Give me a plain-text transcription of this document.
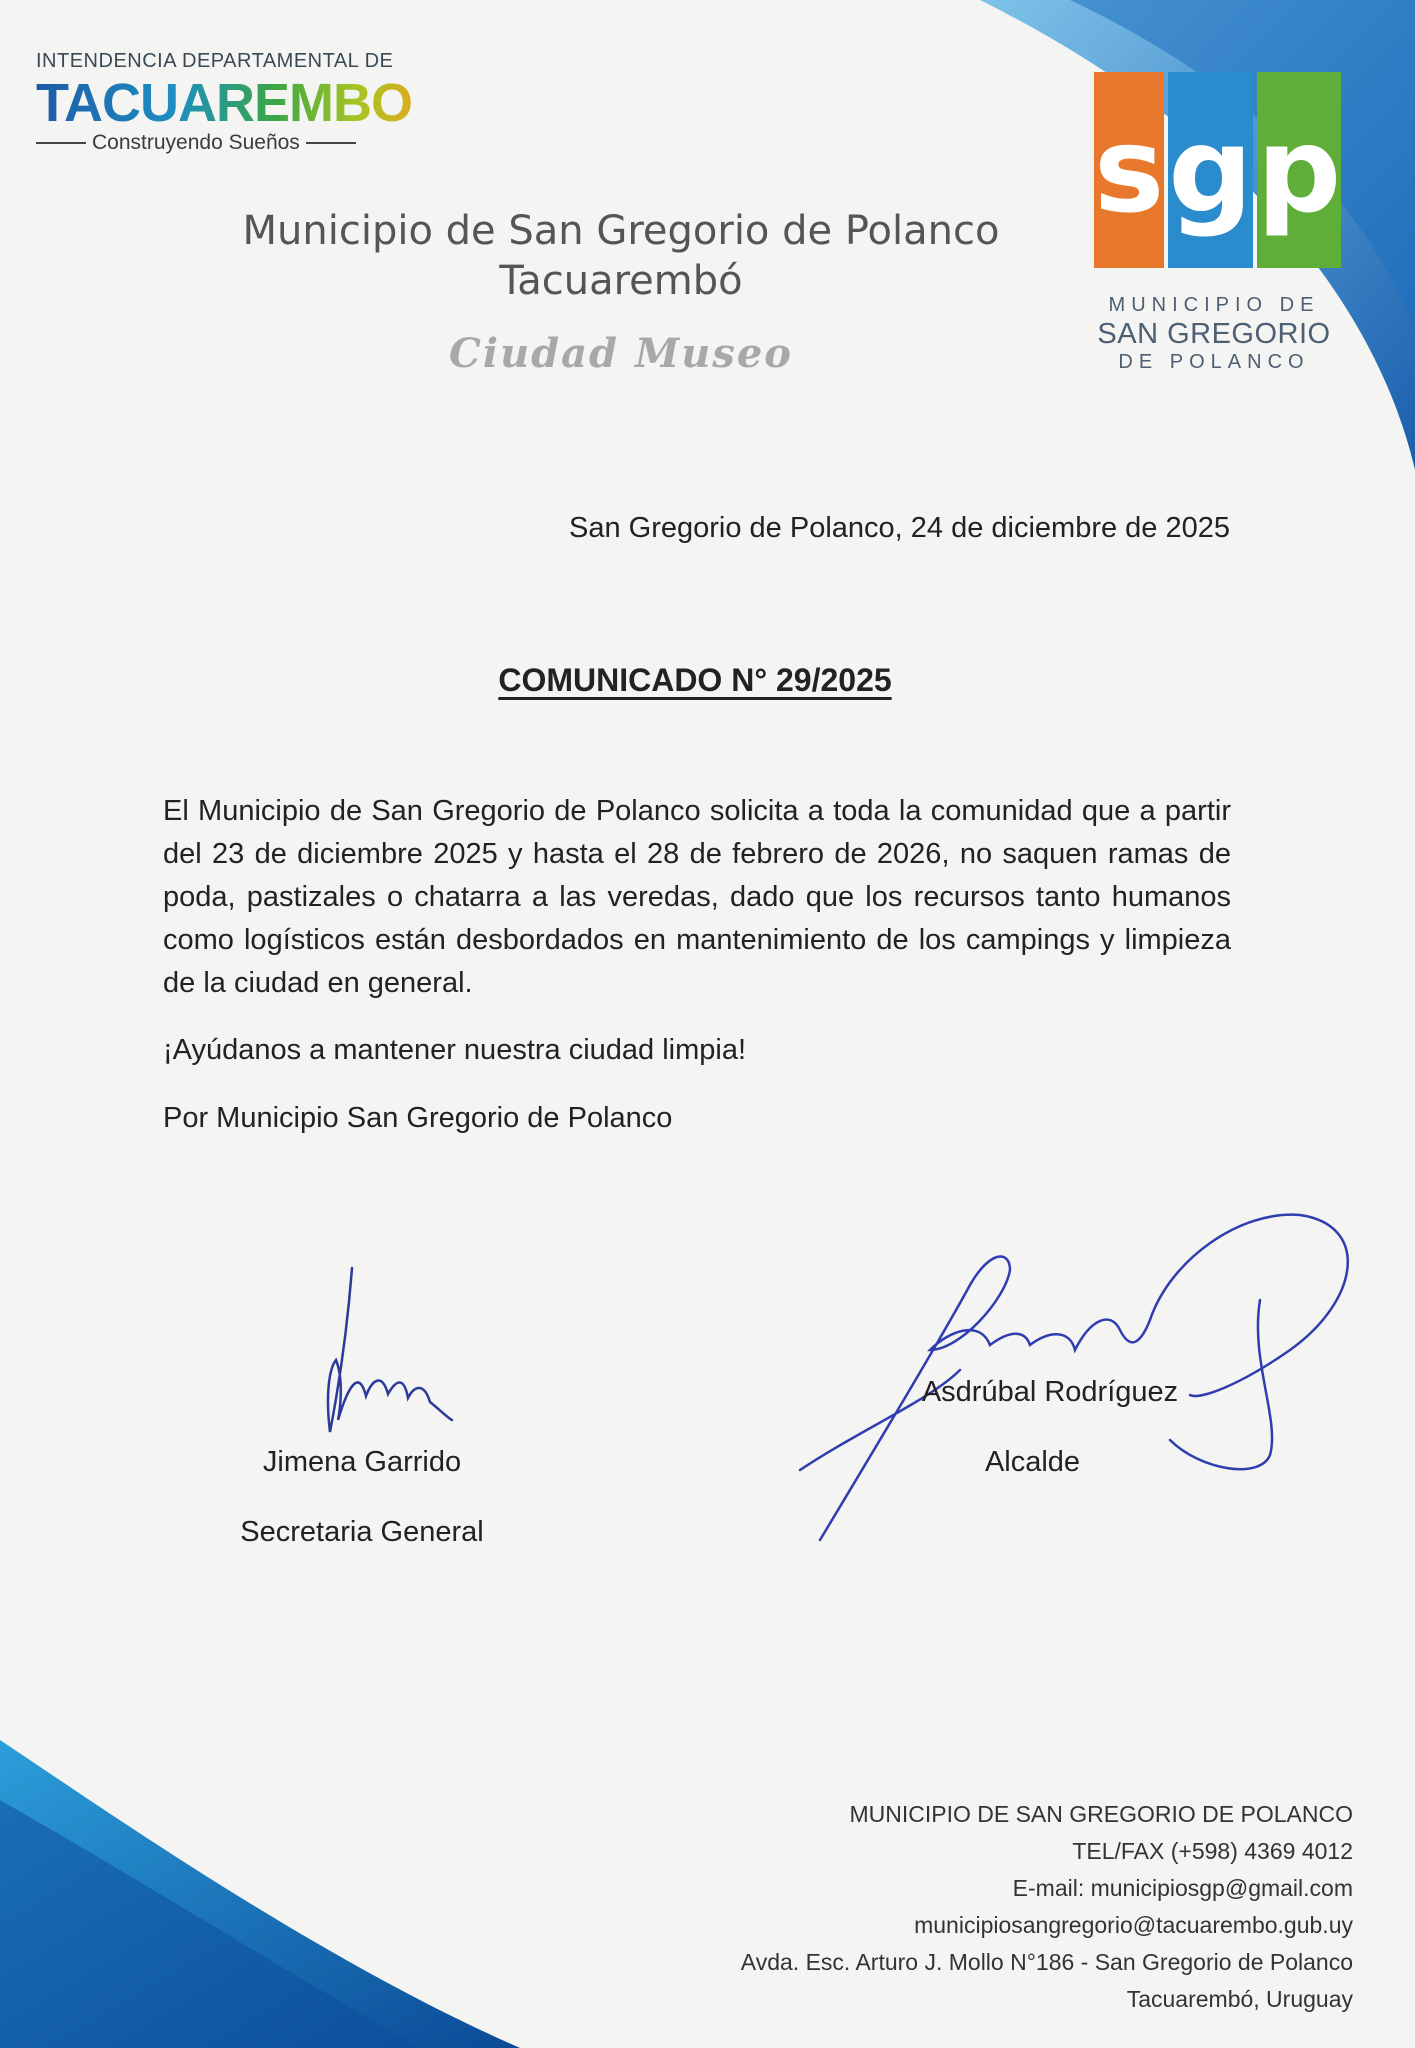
INTENDENCIA DEPARTAMENTAL DE
TACUAREMBO
Construyendo Sueños
Municipio de San Gregorio de Polanco
Tacuarembó
Ciudad Museo
s g p
MUNICIPIO DE
SAN GREGORIO
DE POLANCO
San Gregorio de Polanco, 24 de diciembre de 2025
COMUNICADO N° 29/2025
El Municipio de San Gregorio de Polanco solicita a toda la comunidad que a partir del 23 de diciembre 2025 y hasta el 28 de febrero de 2026, no saquen ramas de poda, pastizales o chatarra a las veredas, dado que los recursos tanto humanos como logísticos están desbordados en mantenimiento de los campings y limpieza de la ciudad en general.
¡Ayúdanos a mantener nuestra ciudad limpia!
Por Municipio San Gregorio de Polanco
Jimena Garrido
Secretaria General
Asdrúbal Rodríguez
Alcalde
MUNICIPIO DE SAN GREGORIO DE POLANCO
TEL/FAX (+598) 4369 4012
E-mail: municipiosgp@gmail.com
municipiosangregorio@tacuarembo.gub.uy
Avda. Esc. Arturo J. Mollo N°186 - San Gregorio de Polanco
Tacuarembó, Uruguay
